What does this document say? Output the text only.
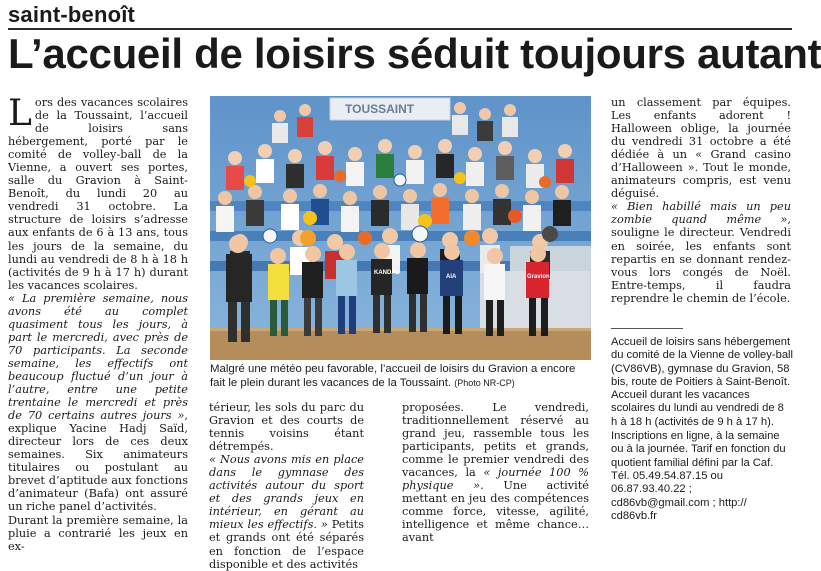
saint-benoît
L’accueil de loisirs séduit toujours autant

Lors des vacances scolaires de la Toussaint, l’accueil de loisirs sans hébergement, porté par le comité de volley-ball de la Vienne, a ouvert ses portes, salle du Gravion à Saint-Benoît, du lundi 20 au vendredi 31 octobre. La structure de loisirs s’adresse aux enfants de 6 à 13 ans, tous les jours de la semaine, du lundi au vendredi de 8 h à 18 h (activités de 9 h à 17 h) durant les vacances scolaires.

« La première semaine, nous avons été au complet quasiment tous les jours, à part le mercredi, avec près de 70 participants. La seconde semaine, les effectifs ont beaucoup fluctué d’un jour à l’autre, entre une petite trentaine le mercredi et près de 70 certains autres jours », explique Yacine Hadj Saïd, directeur lors de ces deux semaines. Six animateurs titulaires ou postulant au brevet d’aptitude aux fonctions d’animateur (Bafa) ont assuré un riche panel d’activités.

Durant la première semaine, la pluie a contrarié les jeux en ex-

TOUSSAINT
KANDAL
AIA	Gravion
Malgré une météo peu favorable, l’accueil de loisirs du Gravion a encore fait le plein durant les vacances de la Toussaint. (Photo NR-CP)

térieur, les sols du parc du Gravion et des courts de tennis voisins étant détrempés.

« Nous avons mis en place dans le gymnase des activités autour du sport et des grands jeux en intérieur, en gérant au mieux les effectifs. » Petits et grands ont été séparés en fonction de l’espace disponible et des activités

proposées. Le vendredi, traditionnellement réservé au grand jeu, rassemble tous les participants, petits et grands, comme le premier vendredi des vacances, la « journée 100 % physique ». Une activité mettant en jeu des compétences comme force, vitesse, agilité, intelligence et même chance… avant

un classement par équipes. Les enfants adorent ! Halloween oblige, la journée du vendredi 31 octobre a été dédiée à un « Grand casino d’Halloween ». Tout le monde, animateurs compris, est venu déguisé.

« Bien habillé mais un peu zombie quand même », souligne le directeur. Vendredi en soirée, les enfants sont repartis en se donnant rendez-vous lors congés de Noël. Entre-temps, il faudra reprendre le chemin de l’école.

Accueil de loisirs sans hébergement du comité de la Vienne de volley-ball (CV86VB), gymnase du Gravion, 58 bis, route de Poitiers à Saint-Benoît. Accueil durant les vacances scolaires du lundi au vendredi de 8 h à 18 h (activités de 9 h à 17 h).

Inscriptions en ligne, à la semaine ou à la journée. Tarif en fonction du quotient familial défini par la Caf. Tél. 05.49.54.87.15 ou 06.87.93.40.22 ; cd86vb@gmail.com ; http:// cd86vb.fr
